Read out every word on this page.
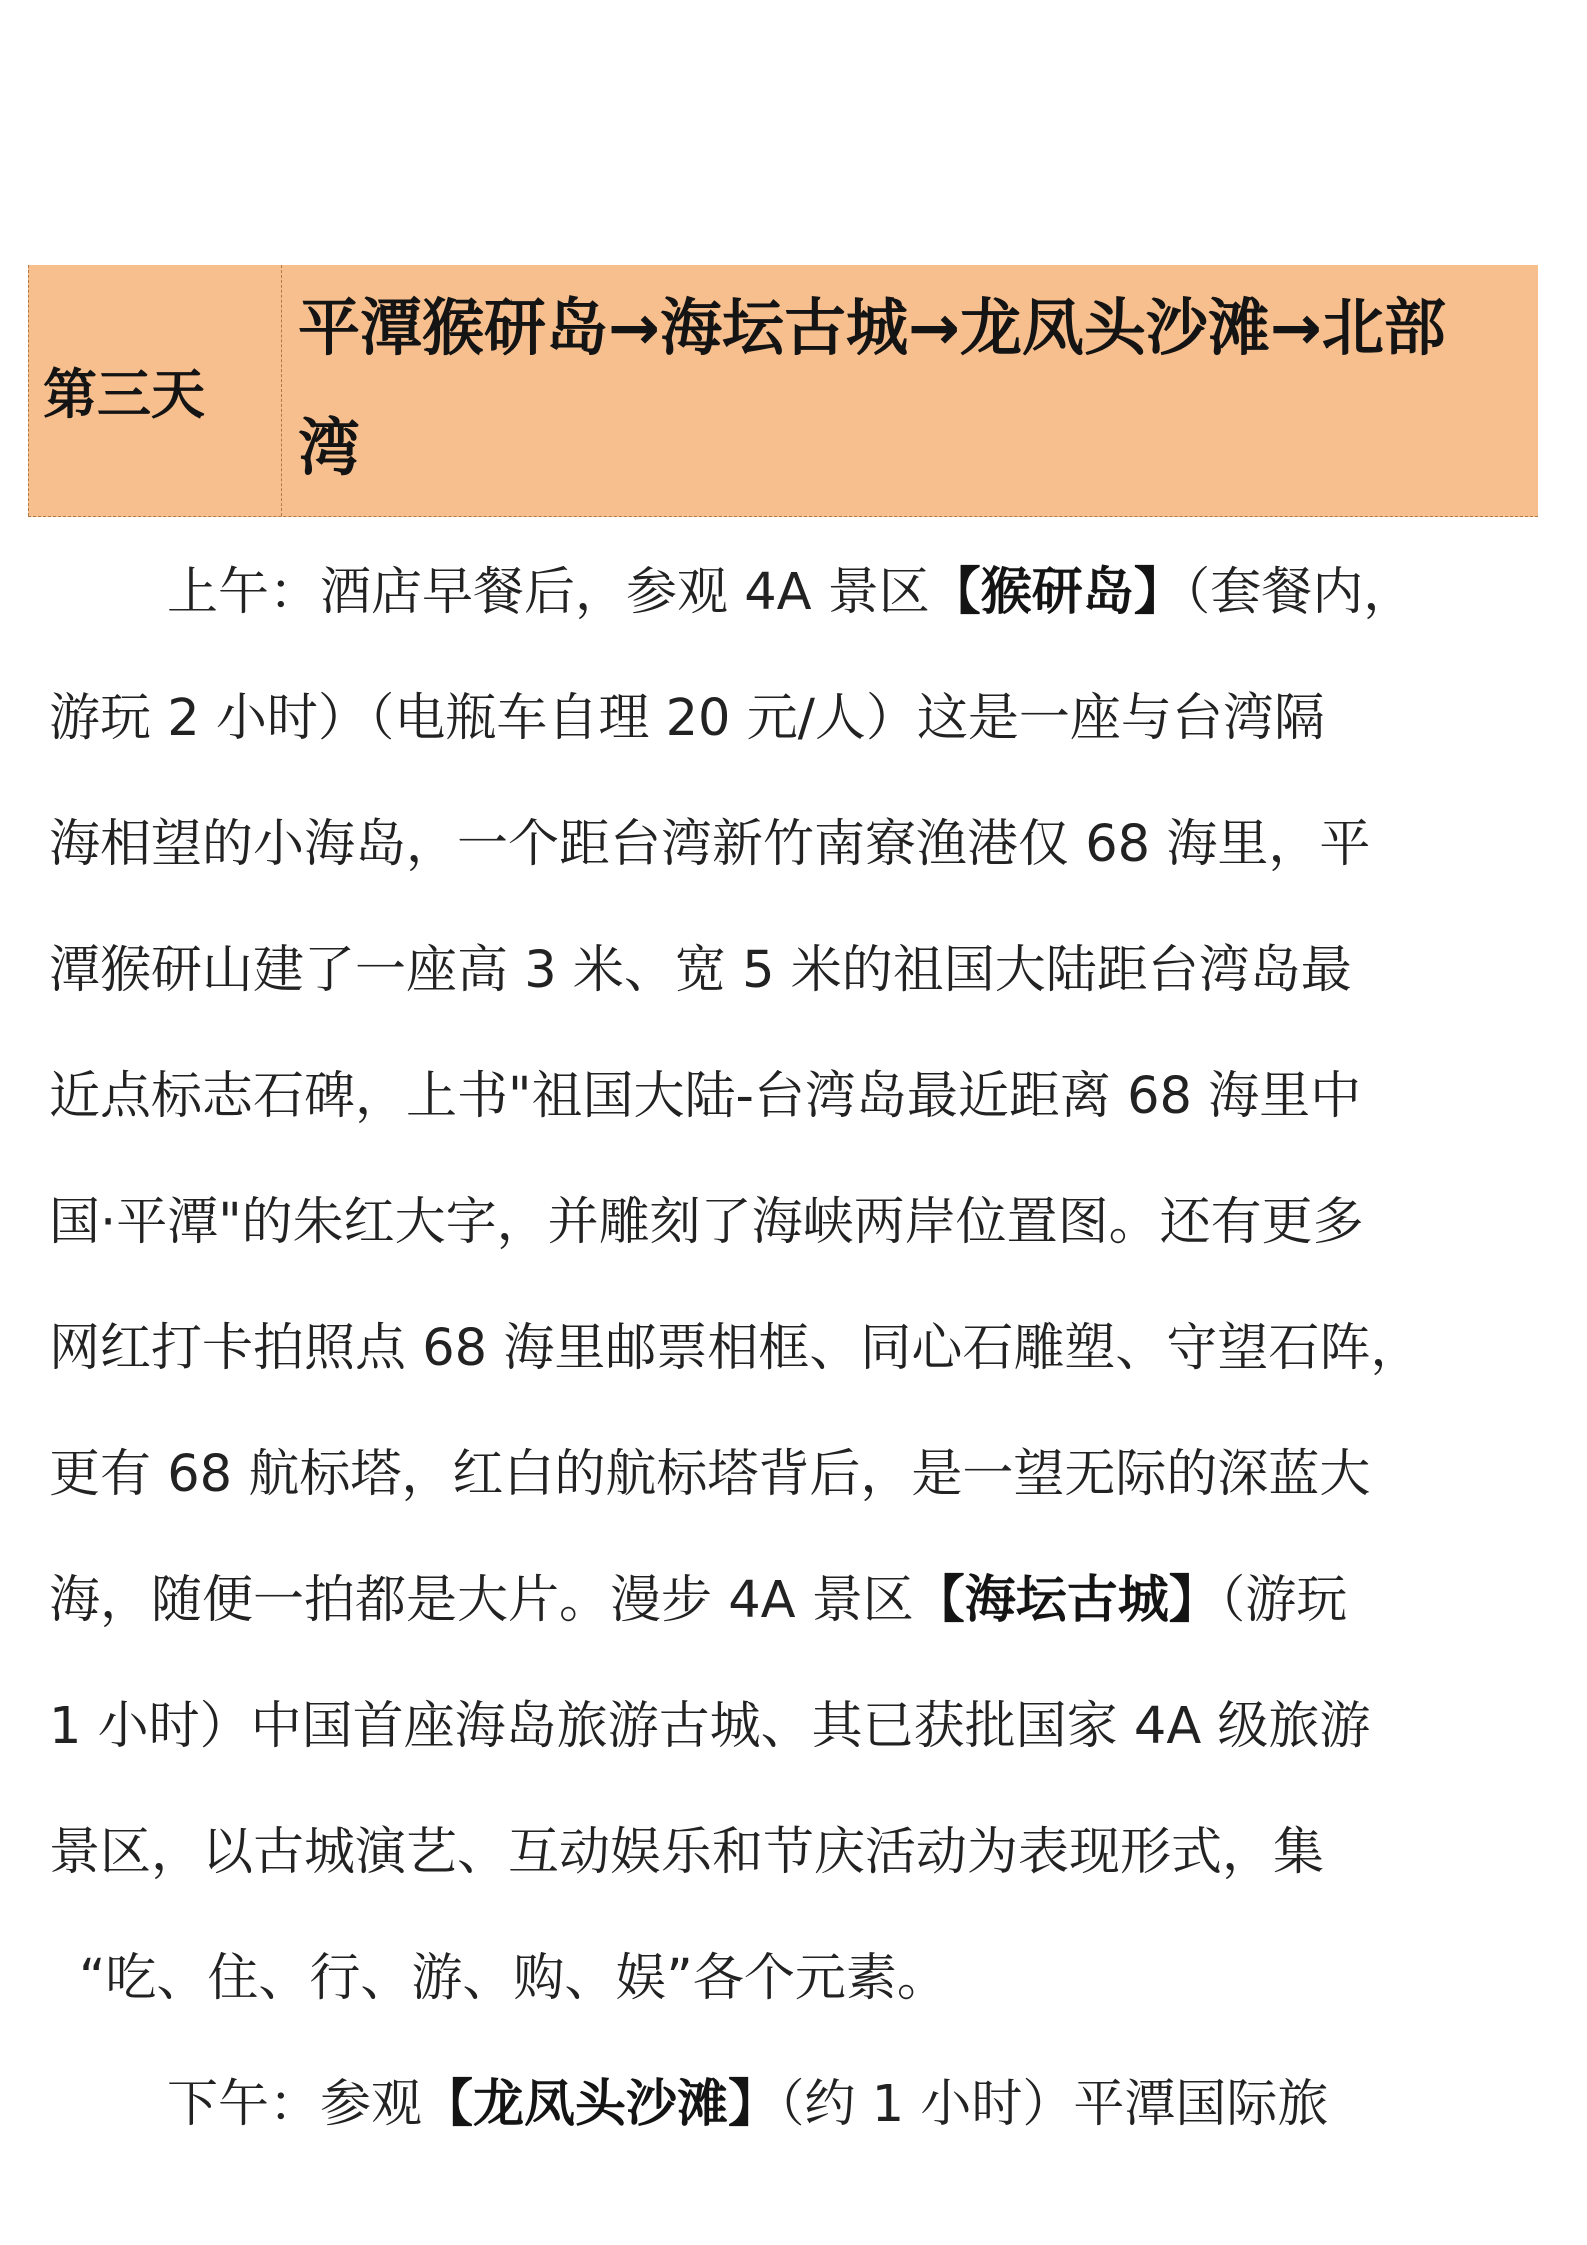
第三天
平潭猴研岛→海坛古城→龙凤头沙滩→北部
湾
上午：酒店早餐后，参观 4A 景区【猴研岛】（套餐内，
游玩 2 小时）（电瓶车自理 20 元/人）这是一座与台湾隔
海相望的小海岛，一个距台湾新竹南寮渔港仅 68 海里，平
潭猴研山建了一座高 3 米、宽 5 米的祖国大陆距台湾岛最
近点标志石碑，上书"祖国大陆-台湾岛最近距离 68 海里中
国·平潭"的朱红大字，并雕刻了海峡两岸位置图。还有更多
网红打卡拍照点 68 海里邮票相框、同心石雕塑、守望石阵，
更有 68 航标塔，红白的航标塔背后，是一望无际的深蓝大
海，随便一拍都是大片。漫步 4A 景区【海坛古城】（游玩
1 小时）中国首座海岛旅游古城、其已获批国家 4A 级旅游
景区，以古城演艺、互动娱乐和节庆活动为表现形式，集
“吃、住、行、游、购、娱”各个元素。
下午：参观【龙凤头沙滩】（约 1 小时）平潭国际旅
